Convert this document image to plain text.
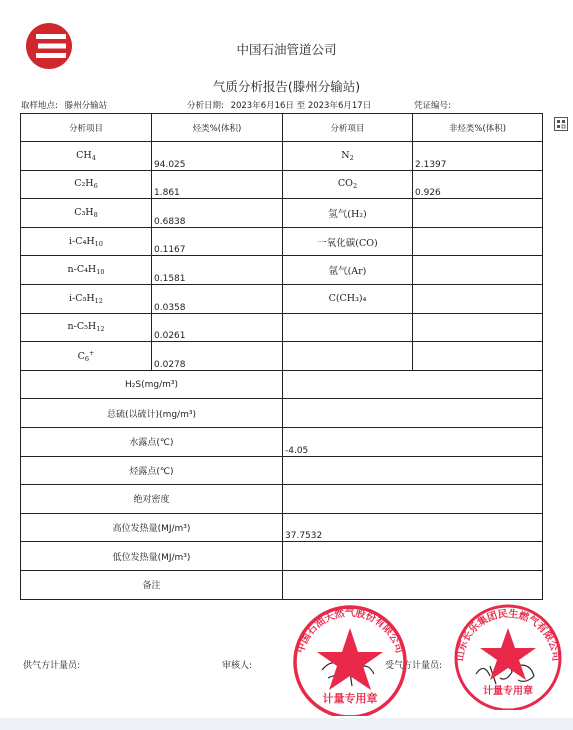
中国石油管道公司
气质分析报告(滕州分输站)
取样地点: 滕州分输站	分析日期: 2023年6月16日 至 2023年6月17日	凭证编号:
分析项目	烃类%(体积)	分析项目	非烃类%(体积)
$CH_4$	94.025	$N_2$	2.1397
$C_2H_6$	1.861	$CO_2$	0.926
$C_3H_8$	0.6838	氢气(H₂)	
$i-C_4H_{10}$	0.1167	一氧化碳(CO)	
$n-C_4H_{10}$	0.1581	氩气(Ar)	
$i-C_5H_{12}$	0.0358	C(CH₃)₄	
$n-C_5H_{12}$	0.0261		
$C_6^+$	0.0278		
H₂S(mg/m³)			
总硫(以硫计)(mg/m³)			
水露点(℃)		-4.05	
烃露点(℃)			
绝对密度			
高位发热量(MJ/m³)		37.7532	
低位发热量(MJ/m³)			
备注			
供气方计量员:	审核人:	受气方计量员:
中国石油天然气股份有限公司
计量专用章
山东长乐集团民生燃气有限公司
计量专用章
